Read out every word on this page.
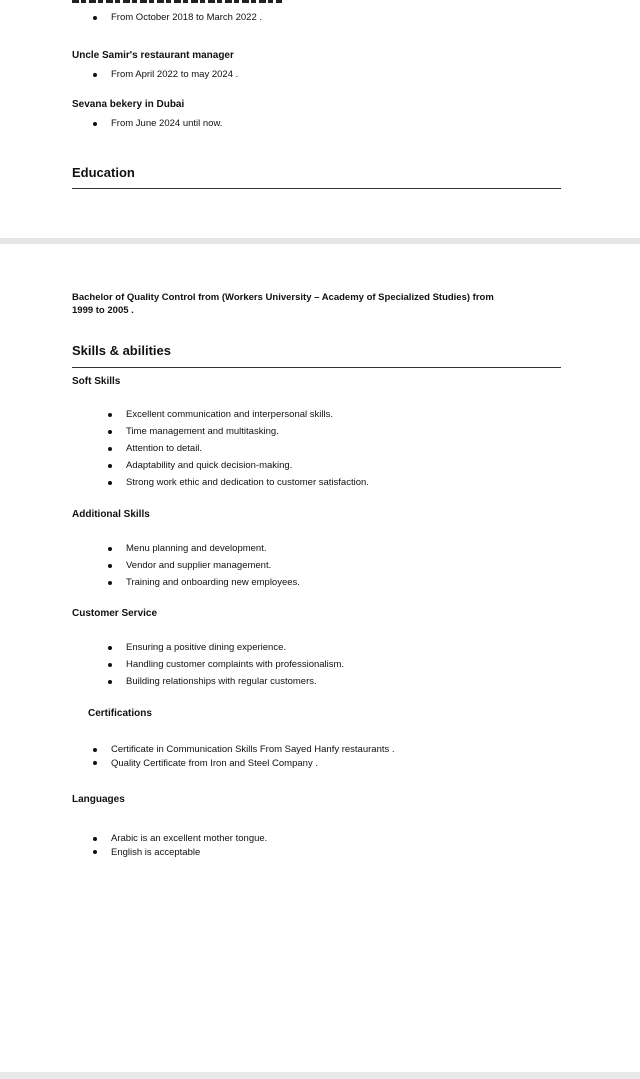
From October 2018 to March 2022 .
Uncle Samir's restaurant manager
From April 2022 to may 2024 .
Sevana bekery in Dubai
From June 2024 until now.
Education
Bachelor of Quality Control from (Workers University – Academy of Specialized Studies) from
1999 to 2005 .
Skills & abilities
Soft Skills
Excellent communication and interpersonal skills.
Time management and multitasking.
Attention to detail.
Adaptability and quick decision-making.
Strong work ethic and dedication to customer satisfaction.
Additional Skills
Menu planning and development.
Vendor and supplier management.
Training and onboarding new employees.
Customer Service
Ensuring a positive dining experience.
Handling customer complaints with professionalism.
Building relationships with regular customers.
Certifications
Certificate in Communication Skills From Sayed Hanfy restaurants .
Quality Certificate from Iron and Steel Company .
Languages
Arabic is an excellent mother tongue.
English is acceptable
